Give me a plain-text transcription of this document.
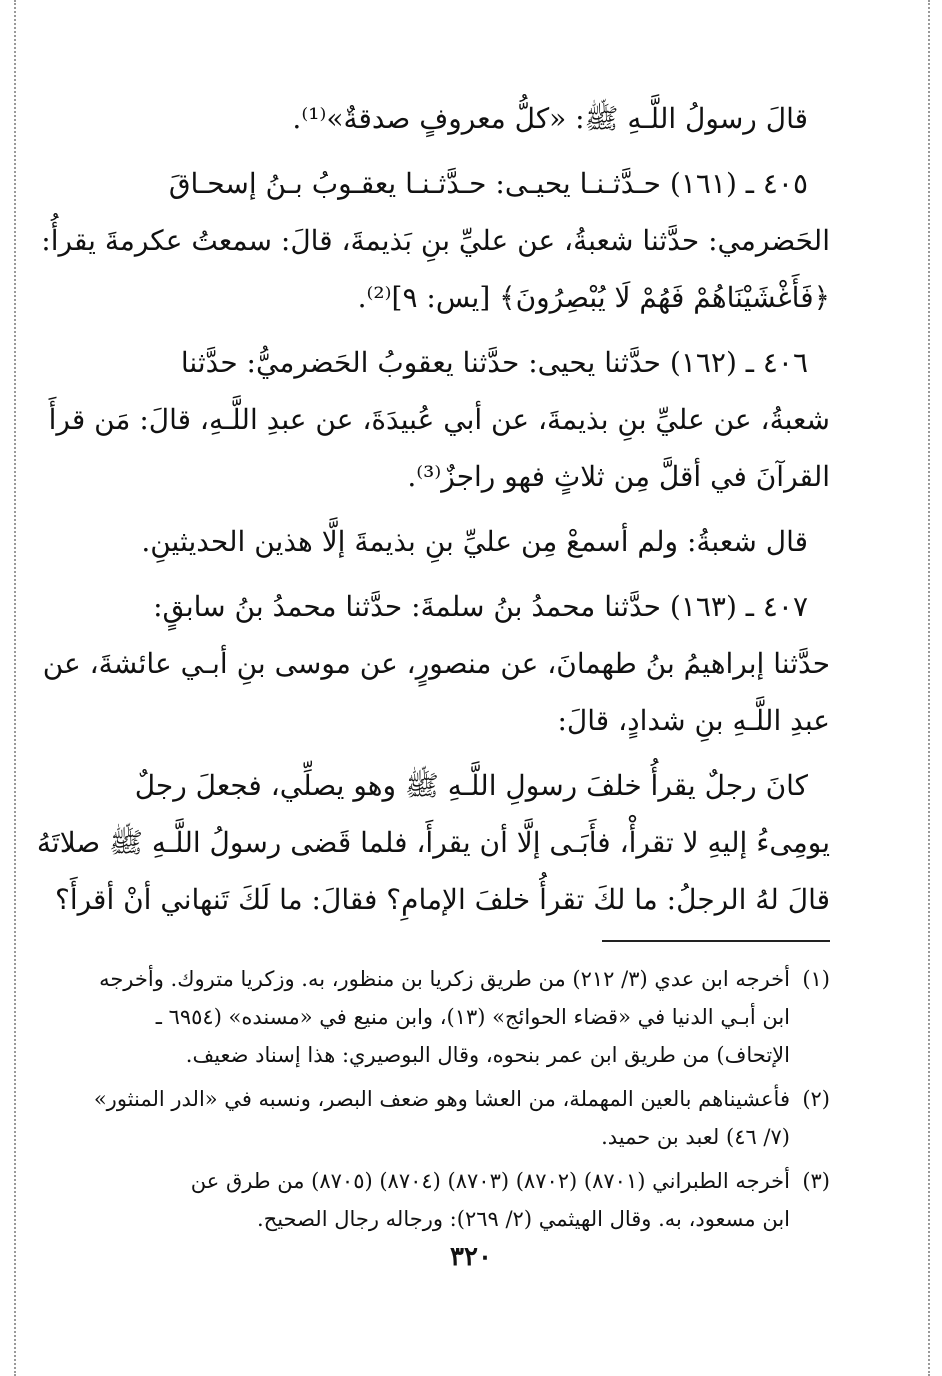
قالَ رسولُ اللَّـهِ ﷺ: «كلُّ معروفٍ صدقةٌ»⁽¹⁾.
٤٠٥ ـ (١٦١) حـدَّثـنـا يحيـى: حـدَّثـنـا يعقـوبُ بـنُ إسحـاقَ
الحَضرمي: حدَّثنا شعبةُ، عن عليِّ بنِ بَذيمةَ، قالَ: سمعتُ عكرمةَ يقرأُ:
﴿فَأَغْشَيْنَاهُمْ فَهُمْ لَا يُبْصِرُونَ﴾ [يس: ٩]⁽²⁾.
٤٠٦ ـ (١٦٢) حدَّثنا يحيى: حدَّثنا يعقوبُ الحَضرميُّ: حدَّثنا
شعبةُ، عن عليِّ بنِ بذيمةَ، عن أبي عُبيدَةَ، عن عبدِ اللَّـهِ، قالَ: مَن قرأَ
القرآنَ في أقلَّ مِن ثلاثٍ فهو راجزٌ⁽³⁾.
قال شعبةُ: ولم أسمعْ مِن عليِّ بنِ بذيمةَ إلَّا هذين الحديثينِ.
٤٠٧ ـ (١٦٣) حدَّثنا محمدُ بنُ سلمةَ: حدَّثنا محمدُ بنُ سابقٍ:
حدَّثنا إبراهيمُ بنُ طهمانَ، عن منصورٍ، عن موسى بنِ أبـي عائشةَ، عن
عبدِ اللَّـهِ بنِ شدادٍ، قالَ:
كانَ رجلٌ يقرأُ خلفَ رسولِ اللَّـهِ ﷺ وهو يصلِّي، فجعلَ رجلٌ
يومِىءُ إليهِ لا تقرأْ، فأَبَـى إلَّا أن يقرأَ، فلما قَضى رسولُ اللَّـهِ ﷺ صلاتَهُ
قالَ لهُ الرجلُ: ما لكَ تقرأُ خلفَ الإمامِ؟ فقالَ: ما لَكَ تَنهاني أنْ أقرأَ؟
(١)أخرجه ابن عدي (٣/ ٢١٢) من طريق زكريا بن منظور، به. وزكريا متروك. وأخرجه
ابن أبـي الدنيا في «قضاء الحوائج» (١٣)، وابن منيع في «مسنده» (٦٩٥٤ ـ
الإتحاف) من طريق ابن عمر بنحوه، وقال البوصيري: هذا إسناد ضعيف.
(٢)فأعشيناهم بالعين المهملة، من العشا وهو ضعف البصر، ونسبه في «الدر المنثور»
(٧/ ٤٦) لعبد بن حميد.
(٣)أخرجه الطبراني (٨٧٠١) (٨٧٠٢) (٨٧٠٣) (٨٧٠٤) (٨٧٠٥) من طرق عن
ابن مسعود، به. وقال الهيثمي (٢/ ٢٦٩): ورجاله رجال الصحيح.
٣٢٠
